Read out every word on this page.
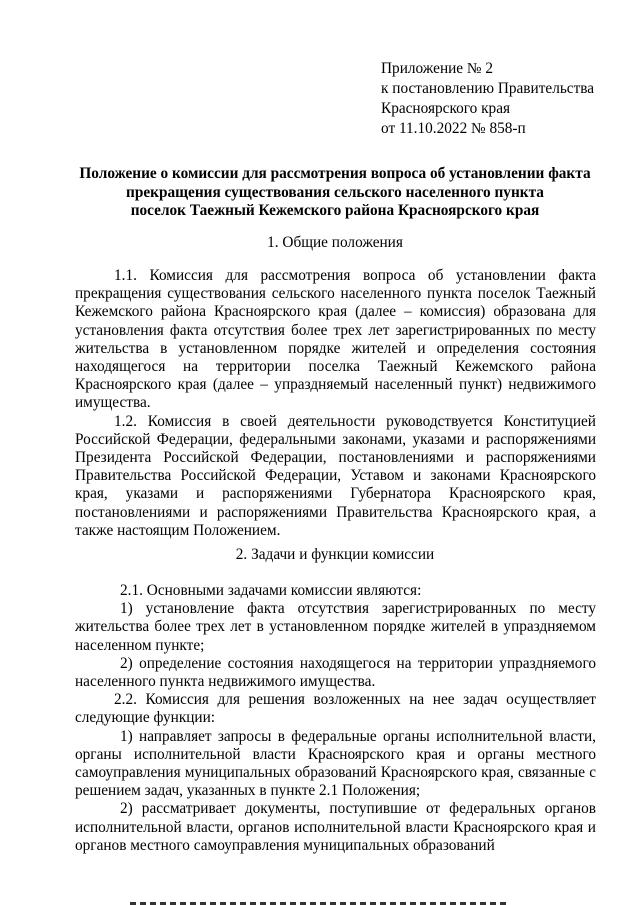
Приложение № 2
к постановлению Правительства
Красноярского края
от 11.10.2022 № 858-п
Положение о комиссии для рассмотрения вопроса об установлении факта
прекращения существования сельского населенного пункта
поселок Таежный Кежемского района Красноярского края
1. Общие положения
1.1. Комиссия для рассмотрения вопроса об установлении факта прекращения существования сельского населенного пункта поселок Таежный Кежемского района Красноярского края (далее – комиссия) образована для установления факта отсутствия более трех лет зарегистрированных по месту жительства в установленном порядке жителей и определения состояния находящегося на территории поселка Таежный Кежемского района Красноярского края (далее – упраздняемый населенный пункт) недвижимого имущества.
1.2. Комиссия в своей деятельности руководствуется Конституцией Российской Федерации, федеральными законами, указами и распоряжениями Президента Российской Федерации, постановлениями и распоряжениями Правительства Российской Федерации, Уставом и законами Красноярского края, указами и распоряжениями Губернатора Красноярского края, постановлениями и распоряжениями Правительства Красноярского края, а также настоящим Положением.
2. Задачи и функции комиссии
2.1. Основными задачами комиссии являются:
1) установление факта отсутствия зарегистрированных по месту жительства более трех лет в установленном порядке жителей в упраздняемом населенном пункте;
2) определение состояния находящегося на территории упраздняемого населенного пункта недвижимого имущества.
2.2. Комиссия для решения возложенных на нее задач осуществляет следующие функции:
1) направляет запросы в федеральные органы исполнительной власти, органы исполнительной власти Красноярского края и органы местного самоуправления муниципальных образований Красноярского края, связанные с решением задач, указанных в пункте 2.1 Положения;
2) рассматривает документы, поступившие от федеральных органов исполнительной власти, органов исполнительной власти Красноярского края и органов местного самоуправления муниципальных образований
